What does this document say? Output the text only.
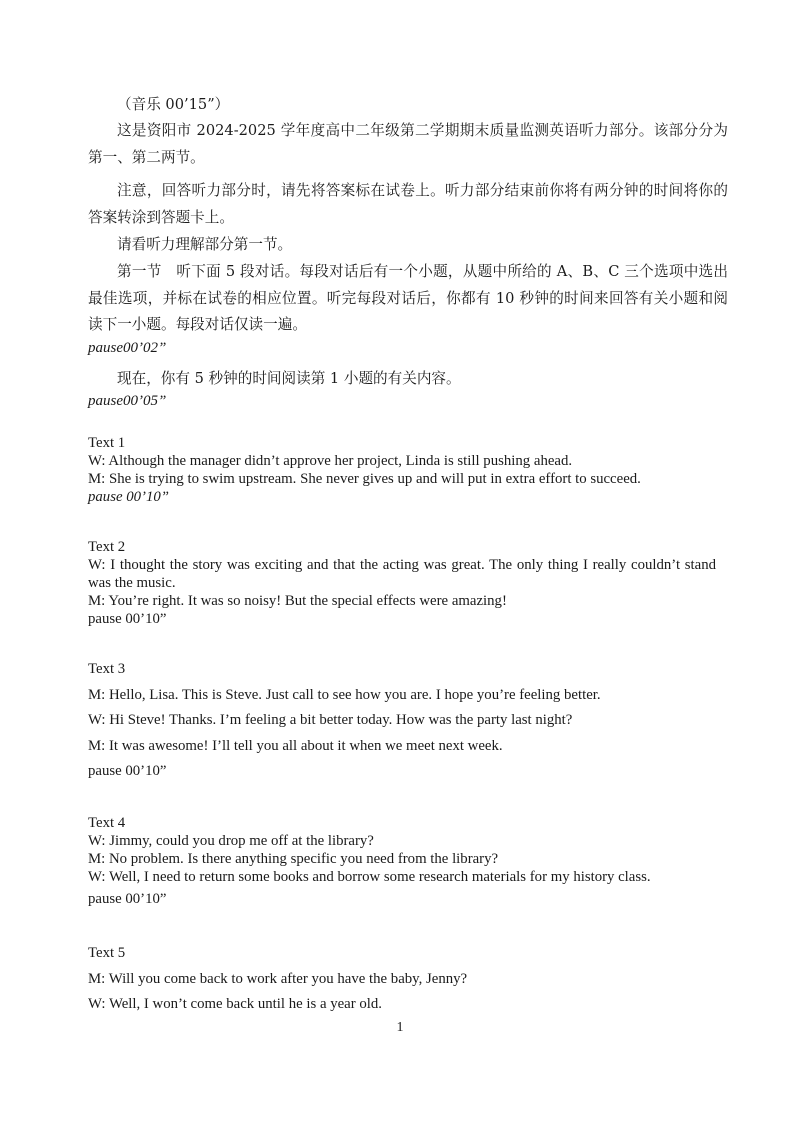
（音乐 00’15”）

这是资阳市 2024-2025 学年度高中二年级第二学期期末质量监测英语听力部分。该部分分为第一、第二两节。

注意，回答听力部分时，请先将答案标在试卷上。听力部分结束前你将有两分钟的时间将你的答案转涂到答题卡上。

请看听力理解部分第一节。

第一节　听下面 5 段对话。每段对话后有一个小题，从题中所给的 A、B、C 三个选项中选出最佳选项，并标在试卷的相应位置。听完每段对话后，你都有 10 秒钟的时间来回答有关小题和阅读下一小题。每段对话仅读一遍。

pause00’02”

现在，你有 5 秒钟的时间阅读第 1 小题的有关内容。

pause00’05”

Text 1
W: Although the manager didn’t approve her project, Linda is still pushing ahead.
M: She is trying to swim upstream. She never gives up and will put in extra effort to succeed.
pause 00’10”
Text 2
W: I thought the story was exciting and that the acting was great. The only thing I really couldn’t stand was the music.
M: You’re right. It was so noisy! But the special effects were amazing!
pause 00’10”
Text 3
M: Hello, Lisa. This is Steve. Just call to see how you are. I hope you’re feeling better.
W: Hi Steve! Thanks. I’m feeling a bit better today. How was the party last night?
M: It was awesome! I’ll tell you all about it when we meet next week.
pause 00’10”
Text 4
W: Jimmy, could you drop me off at the library?
M: No problem. Is there anything specific you need from the library?
W: Well, I need to return some books and borrow some research materials for my history class.
pause 00’10”
Text 5
M: Will you come back to work after you have the baby, Jenny?
W: Well, I won’t come back until he is a year old.
1
